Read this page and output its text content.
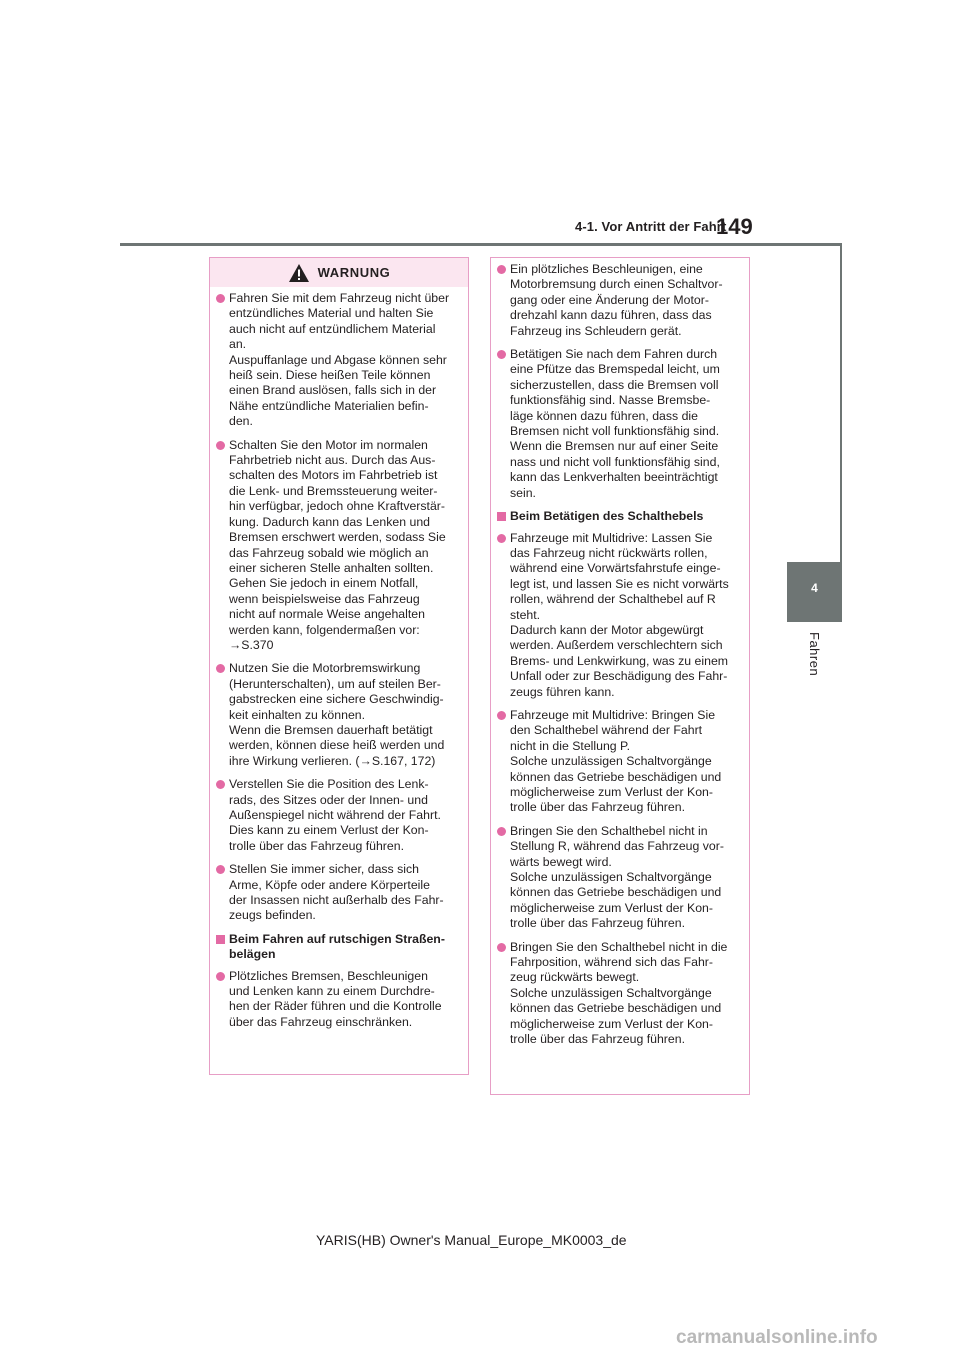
4-1. Vor Antritt der Fahrt
149
4
Fahren
WARNUNG
Fahren Sie mit dem Fahrzeug nicht über
entzündliches Material und halten Sie
auch nicht auf entzündlichem Material
an.
Auspuffanlage und Abgase können sehr
heiß sein. Diese heißen Teile können
einen Brand auslösen, falls sich in der
Nähe entzündliche Materialien befin-
den.
Schalten Sie den Motor im normalen
Fahrbetrieb nicht aus. Durch das Aus-
schalten des Motors im Fahrbetrieb ist
die Lenk- und Bremssteuerung weiter-
hin verfügbar, jedoch ohne Kraftverstär-
kung. Dadurch kann das Lenken und
Bremsen erschwert werden, sodass Sie
das Fahrzeug sobald wie möglich an
einer sicheren Stelle anhalten sollten.
Gehen Sie jedoch in einem Notfall,
wenn beispielsweise das Fahrzeug
nicht auf normale Weise angehalten
werden kann, folgendermaßen vor:
→S.370
Nutzen Sie die Motorbremswirkung
(Herunterschalten), um auf steilen Ber-
gabstrecken eine sichere Geschwindig-
keit einhalten zu können.
Wenn die Bremsen dauerhaft betätigt
werden, können diese heiß werden und
ihre Wirkung verlieren. (→S.167, 172)
Verstellen Sie die Position des Lenk-
rads, des Sitzes oder der Innen- und
Außenspiegel nicht während der Fahrt.
Dies kann zu einem Verlust der Kon-
trolle über das Fahrzeug führen.
Stellen Sie immer sicher, dass sich
Arme, Köpfe oder andere Körperteile
der Insassen nicht außerhalb des Fahr-
zeugs befinden.
Beim Fahren auf rutschigen Straßen-
belägen
Plötzliches Bremsen, Beschleunigen
und Lenken kann zu einem Durchdre-
hen der Räder führen und die Kontrolle
über das Fahrzeug einschränken.
Ein plötzliches Beschleunigen, eine
Motorbremsung durch einen Schaltvor-
gang oder eine Änderung der Motor-
drehzahl kann dazu führen, dass das
Fahrzeug ins Schleudern gerät.
Betätigen Sie nach dem Fahren durch
eine Pfütze das Bremspedal leicht, um
sicherzustellen, dass die Bremsen voll
funktionsfähig sind. Nasse Bremsbe-
läge können dazu führen, dass die
Bremsen nicht voll funktionsfähig sind.
Wenn die Bremsen nur auf einer Seite
nass und nicht voll funktionsfähig sind,
kann das Lenkverhalten beeinträchtigt
sein.
Beim Betätigen des Schalthebels
Fahrzeuge mit Multidrive: Lassen Sie
das Fahrzeug nicht rückwärts rollen,
während eine Vorwärtsfahrstufe einge-
legt ist, und lassen Sie es nicht vorwärts
rollen, während der Schalthebel auf R
steht.
Dadurch kann der Motor abgewürgt
werden. Außerdem verschlechtern sich
Brems- und Lenkwirkung, was zu einem
Unfall oder zur Beschädigung des Fahr-
zeugs führen kann.
Fahrzeuge mit Multidrive: Bringen Sie
den Schalthebel während der Fahrt
nicht in die Stellung P.
Solche unzulässigen Schaltvorgänge
können das Getriebe beschädigen und
möglicherweise zum Verlust der Kon-
trolle über das Fahrzeug führen.
Bringen Sie den Schalthebel nicht in
Stellung R, während das Fahrzeug vor-
wärts bewegt wird.
Solche unzulässigen Schaltvorgänge
können das Getriebe beschädigen und
möglicherweise zum Verlust der Kon-
trolle über das Fahrzeug führen.
Bringen Sie den Schalthebel nicht in die
Fahrposition, während sich das Fahr-
zeug rückwärts bewegt.
Solche unzulässigen Schaltvorgänge
können das Getriebe beschädigen und
möglicherweise zum Verlust der Kon-
trolle über das Fahrzeug führen.
YARIS(HB) Owner's Manual_Europe_MK0003_de
carmanualsonline.info
